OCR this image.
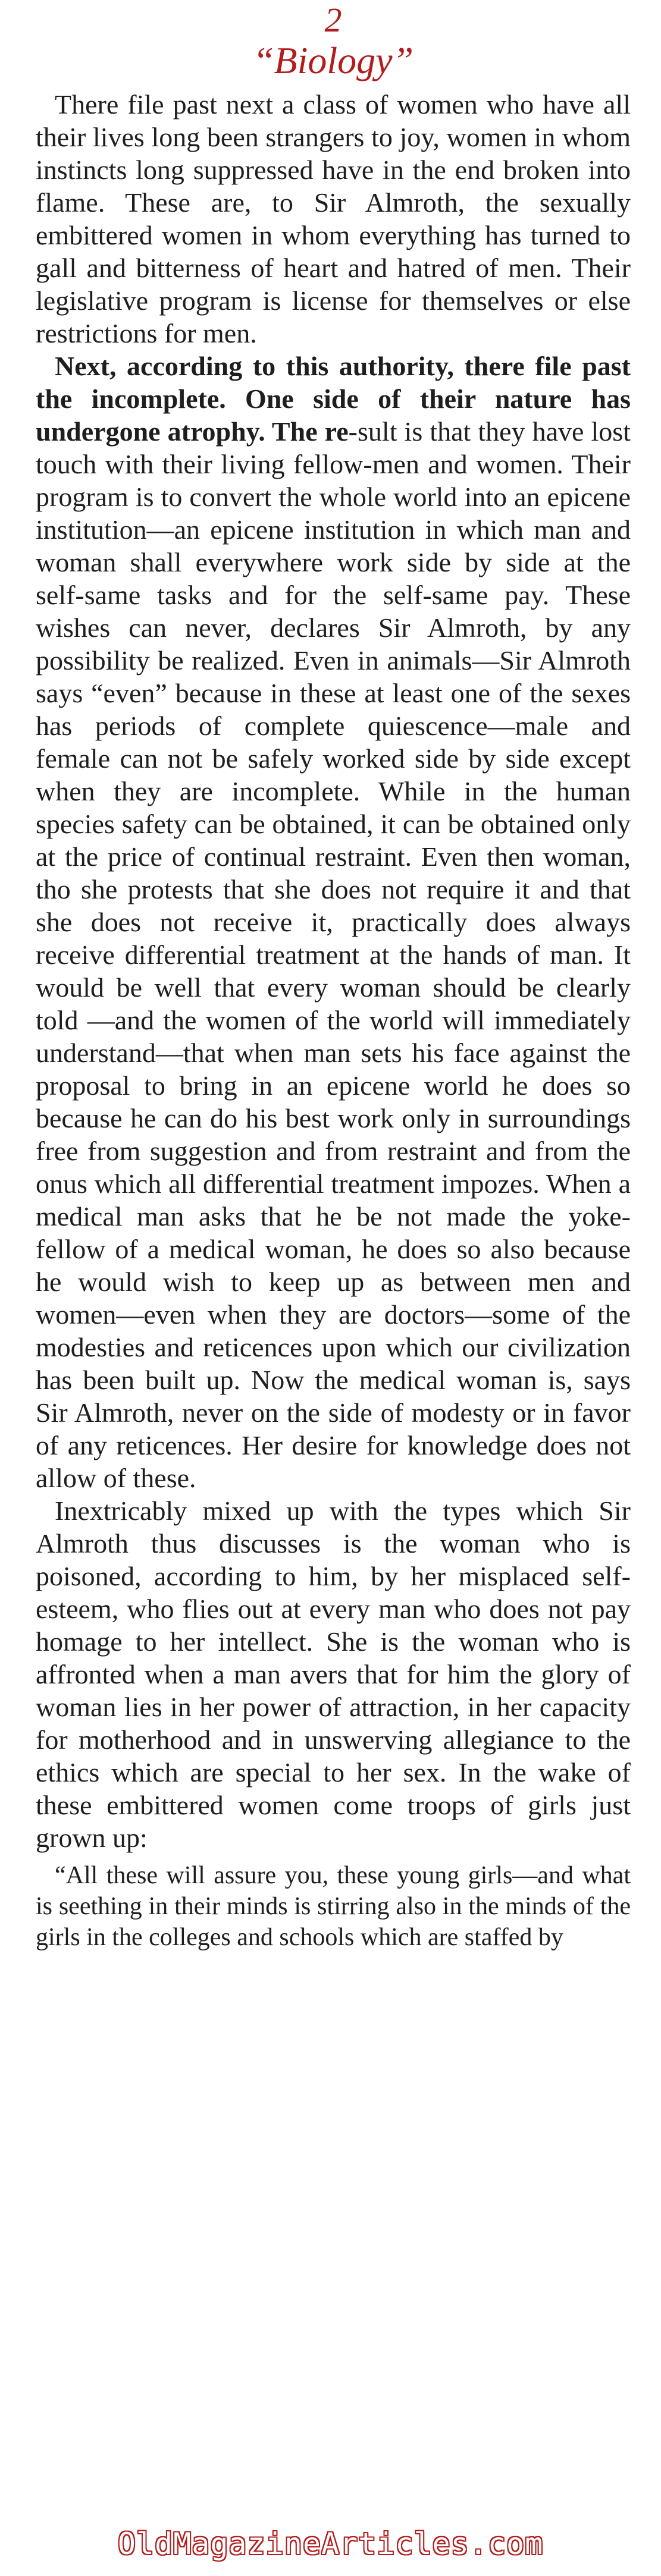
2
“Biology”

There file past next a class of women who have all their lives long been strangers to joy, women in whom instincts long suppressed have in the end broken into flame. These are, to Sir Almroth, the sexually embittered women in whom everything has turned to gall and bitterness of heart and hatred of men. Their legislative program is license for themselves or else restrictions for men.

Next, according to this authority, there file past the incomplete. One side of their nature has undergone atrophy. The re-sult is that they have lost touch with their living fellow-men and women. Their program is to convert the whole world into an epicene institution—an epicene institution in which man and woman shall everywhere work side by side at the self-same tasks and for the self-same pay. These wishes can never, declares Sir Almroth, by any possibility be realized. Even in animals—Sir Almroth says “even” because in these at least one of the sexes has periods of complete quiescence—male and female can not be safely worked side by side except when they are incomplete. While in the human species safety can be obtained, it can be obtained only at the price of continual restraint. Even then woman, tho she protests that she does not require it and that she does not receive it, practically does always receive differential treatment at the hands of man. It would be well that every woman should be clearly told —and the women of the world will immediately understand—that when man sets his face against the proposal to bring in an epicene world he does so because he can do his best work only in surroundings free from suggestion and from restraint and from the onus which all differential treatment impozes. When a medical man asks that he be not made the yoke-fellow of a medical woman, he does so also because he would wish to keep up as between men and women—even when they are doctors—some of the modesties and reticences upon which our civilization has been built up. Now the medical woman is, says Sir Almroth, never on the side of modesty or in favor of any reticences. Her desire for knowledge does not allow of these.

Inextricably mixed up with the types which Sir Almroth thus discusses is the woman who is poisoned, according to him, by her misplaced self-esteem, who flies out at every man who does not pay homage to her intellect. She is the woman who is affronted when a man avers that for him the glory of woman lies in her power of attraction, in her capacity for motherhood and in unswerving allegiance to the ethics which are special to her sex. In the wake of these embittered women come troops of girls just grown up:

“All these will assure you, these young girls—and what is seething in their minds is stirring also in the minds of the girls in the colleges and schools which are staffed by

OldMagazineArticles.com
